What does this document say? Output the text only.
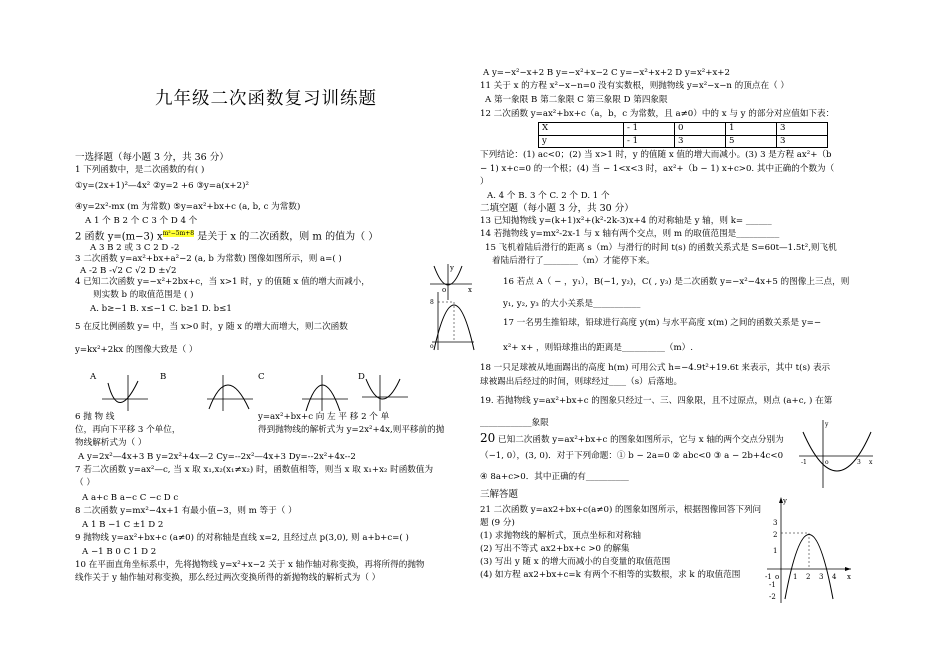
九年级二次函数复习训练题
一选择题（每小题 3 分，共 36 分）
1 下列函数中，是二次函数的有( )
①y=(2x+1)²—4x² ②y=2 +6 ③y=a(x+2)²
④y=2x²-mx (m 为常数) ⑤y=ax²+bx+c (a, b, c 为常数)
A 1 个 B 2 个 C 3 个 D 4 个
2 函数 y=(m−3) $x^{m^2-5m+8}$ 是关于 x 的二次函数，则 m 的值为（ ）
A 3 B 2 或 3 C 2 D -2
3 二次函数 y=ax²+bx+a²−2 (a, b 为常数) 图像如图所示，则 a=( )
A -2 B -√2 C √2 D ±√2
4 已知二次函数 y=−x²+2bx+c，当 x>1 时，y 的值随 x 值的增大而减小，
则实数 b 的取值范围是 ( )
A. b≥−1 B. x≤−1 C. b≥1 D. b≤1
5 在反比例函数 y= 中，当 x>0 时，y 随 x 的增大而增大，则二次函数
y=kx²+2kx 的图像大致是（ ）
A	B	C	D
x
y
o
8
o
6 抛 物 线	y=ax²+bx+c 向 左 平 移 2 个 单
位，再向下平移 3 个单位，	得到抛物线的解析式为 y=2x²+4x,则平移前的抛
物线解析式为（ ）
A y=2x²—4x+3 B y=2x²+4x—2 Cy=--2x²—4x+3 Dy=--2x²+4x--2
7 若二次函数 y=ax²—c, 当 x 取 x₁,x₂(x₁≠x₂) 时，函数值相等，则当 x 取 x₁+x₂ 时函数值为
（ ）
A a+c B a−c C −c D c
8 二次函数 y=mx²−4x+1 有最小值−3，则 m 等于（ ）
A 1 B −1 C ±1 D 2
9 抛物线 y=ax²+bx+c (a≠0) 的对称轴是直线 x=2, 且经过点 p(3,0), 则 a+b+c=( )
A −1 B 0 C 1 D 2
10 在平面直角坐标系中，先将抛物线 y=x²+x−2 关于 x 轴作轴对称变换，再将所得的抛物
线作关于 y 轴作轴对称变换，那么经过两次变换所得的新抛物线的解析式为（ ）
A y=−x²−x+2 B y=−x²+x−2 C y=−x²+x+2 D y=x²+x+2
11 关于 x 的方程 x²−x−n=0 没有实数根，则抛物线 y=x²−x−n 的顶点在（ ）
A 第一象限 B 第二象限 C 第三象限 D 第四象限
12 二次函数 y=ax²+bx+c（a，b，c 为常数，且 a≠0）中的 x 与 y 的部分对应值如下表：
X	- 1	0	1	3
y	- 1	3	5	3
下列结论：(1) ac<0；(2) 当 x>1 时，y 的值随 x 值的增大而减小。(3) 3 是方程 ax²+（b
− 1) x+c=0 的一个根；(4) 当 − 1<x<3 时，ax²+（b − 1) x+c>0. 其中正确的个数为（
）
A. 4 个 B. 3 个 C. 2 个 D. 1 个
二填空题（每小题 3 分，共 30 分）
13 已知抛物线 y=(k+1)x²+(k²-2k-3)x+4 的对称轴是 y 轴，则 k= ______
14 若抛物线 y=mx²-2x-1 与 x 轴有两个交点，则 m 的取值范围是__________
15 飞机着陆后滑行的距离 s（m）与滑行的时间 t(s) 的函数关系式是 S=60t—1.5t²,则飞机
着陆后滑行了________（m）才能停下来。
16 若点 A（ − ，y₁），B(−1, y₂)，C( , y₃) 是二次函数 y=−x²−4x+5 的图像上三点，则
y₁, y₂, y₃ 的大小关系是___________
17 一名男生推铅球，铅球进行高度 y(m) 与水平高度 x(m) 之间的函数关系是 y=−
x²+ x+ ，则铅球推出的距离是__________（m）.
18 一只足球被从地面踢出的高度 h(m) 可用公式 h=−4.9t²+19.6t 来表示，其中 t(s) 表示
球被踢出后经过的时间，则球经过____（s）后落地。
19. 若抛物线 y=ax²+bx+c 的图象只经过一、三、四象限，且不过原点，则点 (a+c, ) 在第
____________象限
20 已知二次函数 y=ax²+bx+c 的图象如图所示，它与 x 轴的两个交点分别为
（−1, 0），(3, 0)．对于下列命题：① b − 2a=0 ② abc<0 ③ a − 2b+4c<0
④ 8a+c>0．其中正确的有__________
三解答题
21 二次函数 y=ax2+bx+c(a≠0) 的图象如图所示，根据图像回答下列问
题 (9 分)
(1) 求抛物线的解析式，顶点坐标和对称轴
(2) 写出不等式 ax2+bx+c >0 的解集
(3) 写出 y 随 x 的增大而减小的自变量的取值范围
(4) 如方程 ax2+bx+c=k 有两个不相等的实数根，求 k 的取值范围
y
-1	o	3 x
y
x
o
3
2
1
-1
-2
-1	1 2 3 4
